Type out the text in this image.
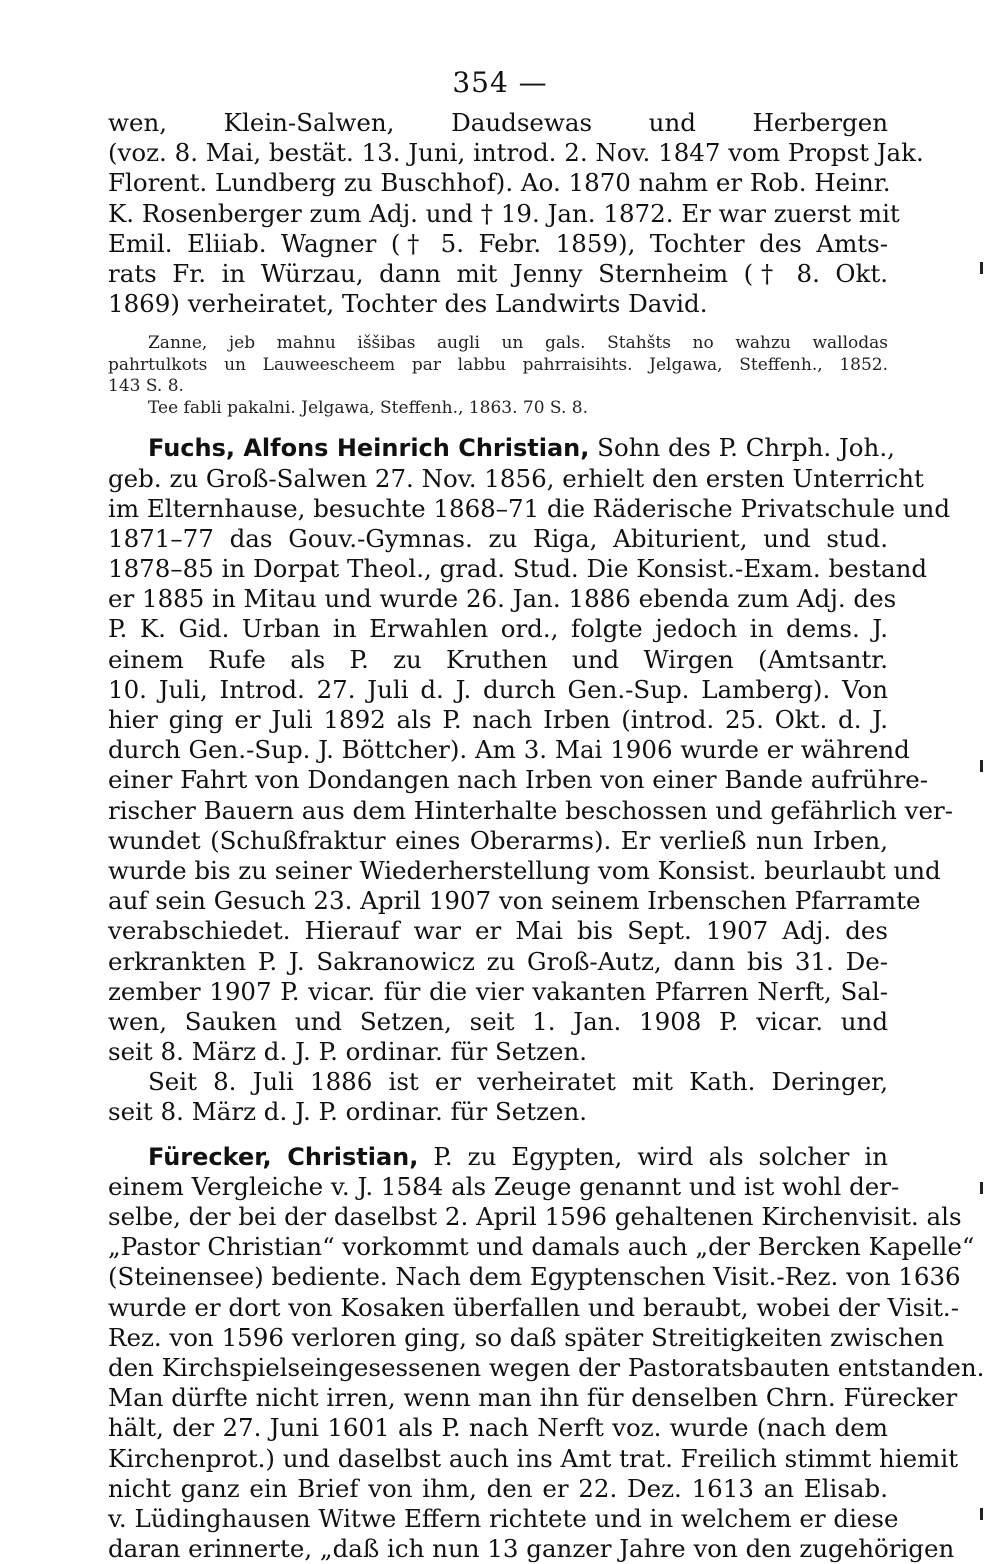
354 —
wen, Klein-Salwen, Daudsewas und Herbergen
(voz. 8. Mai, bestät. 13. Juni, introd. 2. Nov. 1847 vom Propst Jak.
Florent. Lundberg zu Buschhof). Ao. 1870 nahm er Rob. Heinr.
K. Rosenberger zum Adj. und † 19. Jan. 1872. Er war zuerst mit
Emil. Eliiab. Wagner († 5. Febr. 1859), Tochter des Amts-
rats Fr. in Würzau, dann mit Jenny Sternheim († 8. Okt.
1869) verheiratet, Tochter des Landwirts David.
Zanne, jeb mahnu iššibas augli un gals. Stahšts no wahzu wallodas
pahrtulkots un Lauweescheem par labbu pahrraisihts. Jelgawa, Steffenh., 1852.
143 S. 8.
Tee fabli pakalni. Jelgawa, Steffenh., 1863. 70 S. 8.
Fuchs, Alfons Heinrich Christian, Sohn des P. Chrph. Joh.,
geb. zu Groß-Salwen 27. Nov. 1856, erhielt den ersten Unterricht
im Elternhause, besuchte 1868–71 die Räderische Privatschule und
1871–77 das Gouv.-Gymnas. zu Riga, Abiturient, und stud.
1878–85 in Dorpat Theol., grad. Stud. Die Konsist.-Exam. bestand
er 1885 in Mitau und wurde 26. Jan. 1886 ebenda zum Adj. des
P. K. Gid. Urban in Erwahlen ord., folgte jedoch in dems. J.
einem Rufe als P. zu Kruthen und Wirgen (Amtsantr.
10. Juli, Introd. 27. Juli d. J. durch Gen.-Sup. Lamberg). Von
hier ging er Juli 1892 als P. nach Irben (introd. 25. Okt. d. J.
durch Gen.-Sup. J. Böttcher). Am 3. Mai 1906 wurde er während
einer Fahrt von Dondangen nach Irben von einer Bande aufrühre-
rischer Bauern aus dem Hinterhalte beschossen und gefährlich ver-
wundet (Schußfraktur eines Oberarms). Er verließ nun Irben,
wurde bis zu seiner Wiederherstellung vom Konsist. beurlaubt und
auf sein Gesuch 23. April 1907 von seinem Irbenschen Pfarramte
verabschiedet. Hierauf war er Mai bis Sept. 1907 Adj. des
erkrankten P. J. Sakranowicz zu Groß-Autz, dann bis 31. De-
zember 1907 P. vicar. für die vier vakanten Pfarren Nerft, Sal-
wen, Sauken und Setzen, seit 1. Jan. 1908 P. vicar. und
seit 8. März d. J. P. ordinar. für Setzen.
Seit 8. Juli 1886 ist er verheiratet mit Kath. Deringer,
seit 8. März d. J. P. ordinar. für Setzen.
Fürecker, Christian, P. zu Egypten, wird als solcher in
einem Vergleiche v. J. 1584 als Zeuge genannt und ist wohl der-
selbe, der bei der daselbst 2. April 1596 gehaltenen Kirchenvisit. als
„Pastor Christian“ vorkommt und damals auch „der Bercken Kapelle“
(Steinensee) bediente. Nach dem Egyptenschen Visit.-Rez. von 1636
wurde er dort von Kosaken überfallen und beraubt, wobei der Visit.-
Rez. von 1596 verloren ging, so daß später Streitigkeiten zwischen
den Kirchspielseingesessenen wegen der Pastoratsbauten entstanden.
Man dürfte nicht irren, wenn man ihn für denselben Chrn. Fürecker
hält, der 27. Juni 1601 als P. nach Nerft voz. wurde (nach dem
Kirchenprot.) und daselbst auch ins Amt trat. Freilich stimmt hiemit
nicht ganz ein Brief von ihm, den er 22. Dez. 1613 an Elisab.
v. Lüdinghausen Witwe Effern richtete und in welchem er diese
daran erinnerte, „daß ich nun 13 ganzer Jahre von den zugehörigen
